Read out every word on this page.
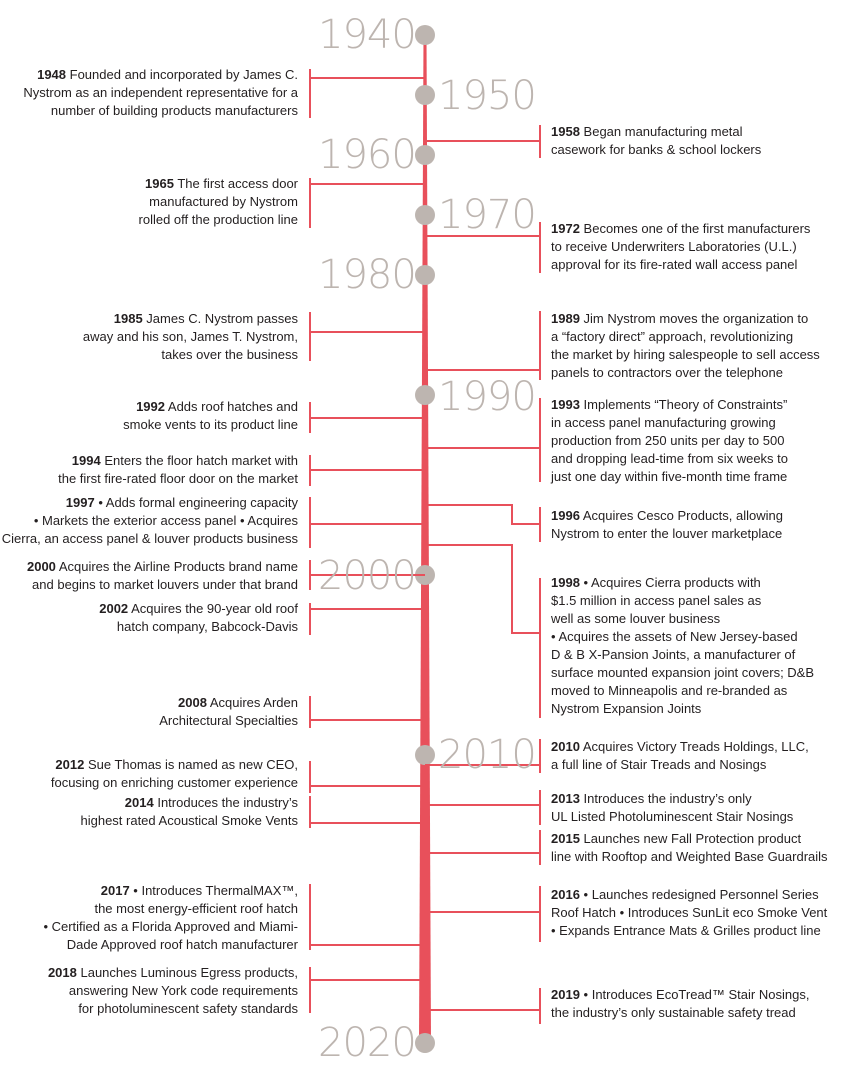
1940
1950
1960
1970
1980
1990
2000
2010
2020
1948 Founded and incorporated by James C.
Nystrom as an independent representative for a
number of building products manufacturers
1958 Began manufacturing metal
casework for banks & school lockers
1965 The first access door
manufactured by Nystrom
rolled off the production line
1972 Becomes one of the first manufacturers
to receive Underwriters Laboratories (U.L.)
approval for its fire-rated wall access panel
1985 James C. Nystrom passes
away and his son, James T. Nystrom,
takes over the business
1989 Jim Nystrom moves the organization to
a “factory direct” approach, revolutionizing
the market by hiring salespeople to sell access
panels to contractors over the telephone
1992 Adds roof hatches and
smoke vents to its product line
1993 Implements “Theory of Constraints”
in access panel manufacturing growing
production from 250 units per day to 500
and dropping lead-time from six weeks to
just one day within five-month time frame
1994 Enters the floor hatch market with
the first fire-rated floor door on the market
1997 • Adds formal engineering capacity
• Markets the exterior access panel • Acquires
Cierra, an access panel & louver products business
1996 Acquires Cesco Products, allowing
Nystrom to enter the louver marketplace
2000 Acquires the Airline Products brand name
and begins to market louvers under that brand	1998 • Acquires Cierra products with
$1.5 million in access panel sales as
well as some louver business
• Acquires the assets of New Jersey-based
D & B X-Pansion Joints, a manufacturer of
surface mounted expansion joint covers; D&B
moved to Minneapolis and re-branded as
Nystrom Expansion Joints
2002 Acquires the 90-year old roof
hatch company, Babcock-Davis
2008 Acquires Arden
Architectural Specialties
2010 Acquires Victory Treads Holdings, LLC,
a full line of Stair Treads and Nosings
2012 Sue Thomas is named as new CEO,
focusing on enriching customer experience
2013 Introduces the industry’s only
UL Listed Photoluminescent Stair Nosings
2014 Introduces the industry’s
highest rated Acoustical Smoke Vents
2015 Launches new Fall Protection product
line with Rooftop and Weighted Base Guardrails
2017 • Introduces ThermalMAX™,
the most energy-efficient roof hatch
• Certified as a Florida Approved and Miami-
Dade Approved roof hatch manufacturer
2016 • Launches redesigned Personnel Series
Roof Hatch • Introduces SunLit eco Smoke Vent
• Expands Entrance Mats & Grilles product line
2018 Launches Luminous Egress products,
answering New York code requirements
for photoluminescent safety standards
2019 • Introduces EcoTread™ Stair Nosings,
the industry’s only sustainable safety tread
